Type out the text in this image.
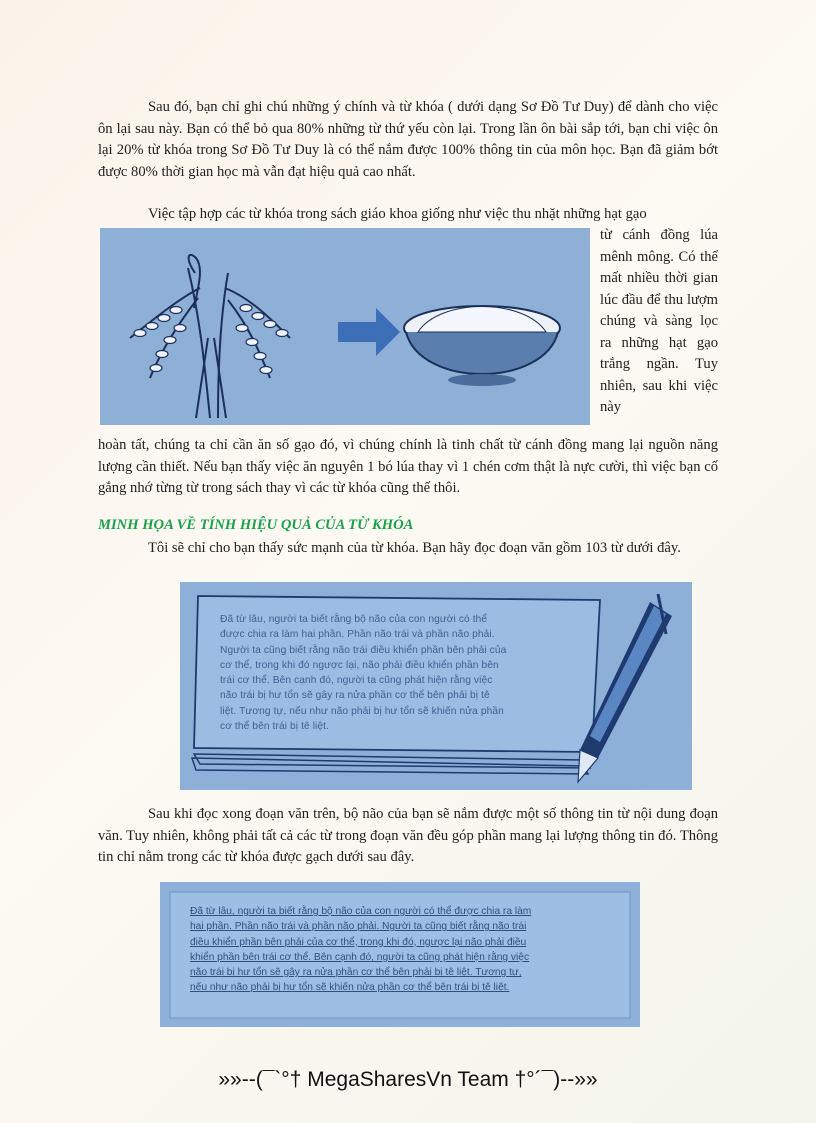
Sau đó, bạn chỉ ghi chú những ý chính và từ khóa ( dưới dạng Sơ Đồ Tư Duy) để dành cho việc ôn lại sau này. Bạn có thể bỏ qua 80% những từ thứ yếu còn lại. Trong lần ôn bài sắp tới, bạn chỉ việc ôn lại 20% từ khóa trong Sơ Đồ Tư Duy là có thể nắm được 100% thông tin của môn học. Bạn đã giảm bớt được 80% thời gian học mà vẫn đạt hiệu quả cao nhất.

Việc tập hợp các từ khóa trong sách giáo khoa giống như việc thu nhặt những hạt gạo

từ cánh đồng lúa mênh mông. Có thể mất nhiều thời gian lúc đầu để thu lượm chúng và sàng lọc ra những hạt gạo trắng ngần. Tuy nhiên, sau khi việc này

hoàn tất, chúng ta chỉ cần ăn số gạo đó, vì chúng chính là tinh chất từ cánh đồng mang lại nguồn năng lượng cần thiết. Nếu bạn thấy việc ăn nguyên 1 bó lúa thay vì 1 chén cơm thật là nực cười, thì việc bạn cố gắng nhớ từng từ trong sách thay vì các từ khóa cũng thế thôi.

MINH HỌA VỀ TÍNH HIỆU QUẢ CỦA TỪ KHÓA

Tôi sẽ chỉ cho bạn thấy sức mạnh của từ khóa. Bạn hãy đọc đoạn văn gồm 103 từ dưới đây.

Đã từ lâu, người ta biết rằng bộ não của con người có thể
được chia ra làm hai phần. Phần não trái và phần não phải.
Người ta cũng biết rằng não trái điều khiển phần bên phải của
cơ thể, trong khi đó ngược lại, não phải điều khiển phần bên
trái cơ thể. Bên cạnh đó, người ta cũng phát hiện rằng việc
não trái bị hư tổn sẽ gây ra nửa phần cơ thể bên phải bị tê
liệt. Tương tự, nếu như não phải bị hư tổn sẽ khiến nửa phần
cơ thể bên trái bị tê liệt.

Sau khi đọc xong đoạn văn trên, bộ não của bạn sẽ nắm được một số thông tin từ nội dung đoạn văn. Tuy nhiên, không phải tất cả các từ trong đoạn văn đều góp phần mang lại lượng thông tin đó. Thông tin chỉ nằm trong các từ khóa được gạch dưới sau đây.

Đã từ lâu, người ta biết rằng bộ não của con người có thể được chia ra làm
hai phần. Phần não trái và phần não phải. Người ta cũng biết rằng não trái
điều khiển phần bên phải của cơ thể, trong khi đó, ngược lại não phải điều
khiển phần bên trái cơ thể. Bên cạnh đó, người ta cũng phát hiện rằng việc
não trái bị hư tổn sẽ gây ra nửa phần cơ thể bên phải bị tê liệt. Tương tự,
nếu như não phải bị hư tổn sẽ khiến nửa phần cơ thể bên trái bị tê liệt.
»»--(¯`°† MegaSharesVn Team †°´¯)--»»
